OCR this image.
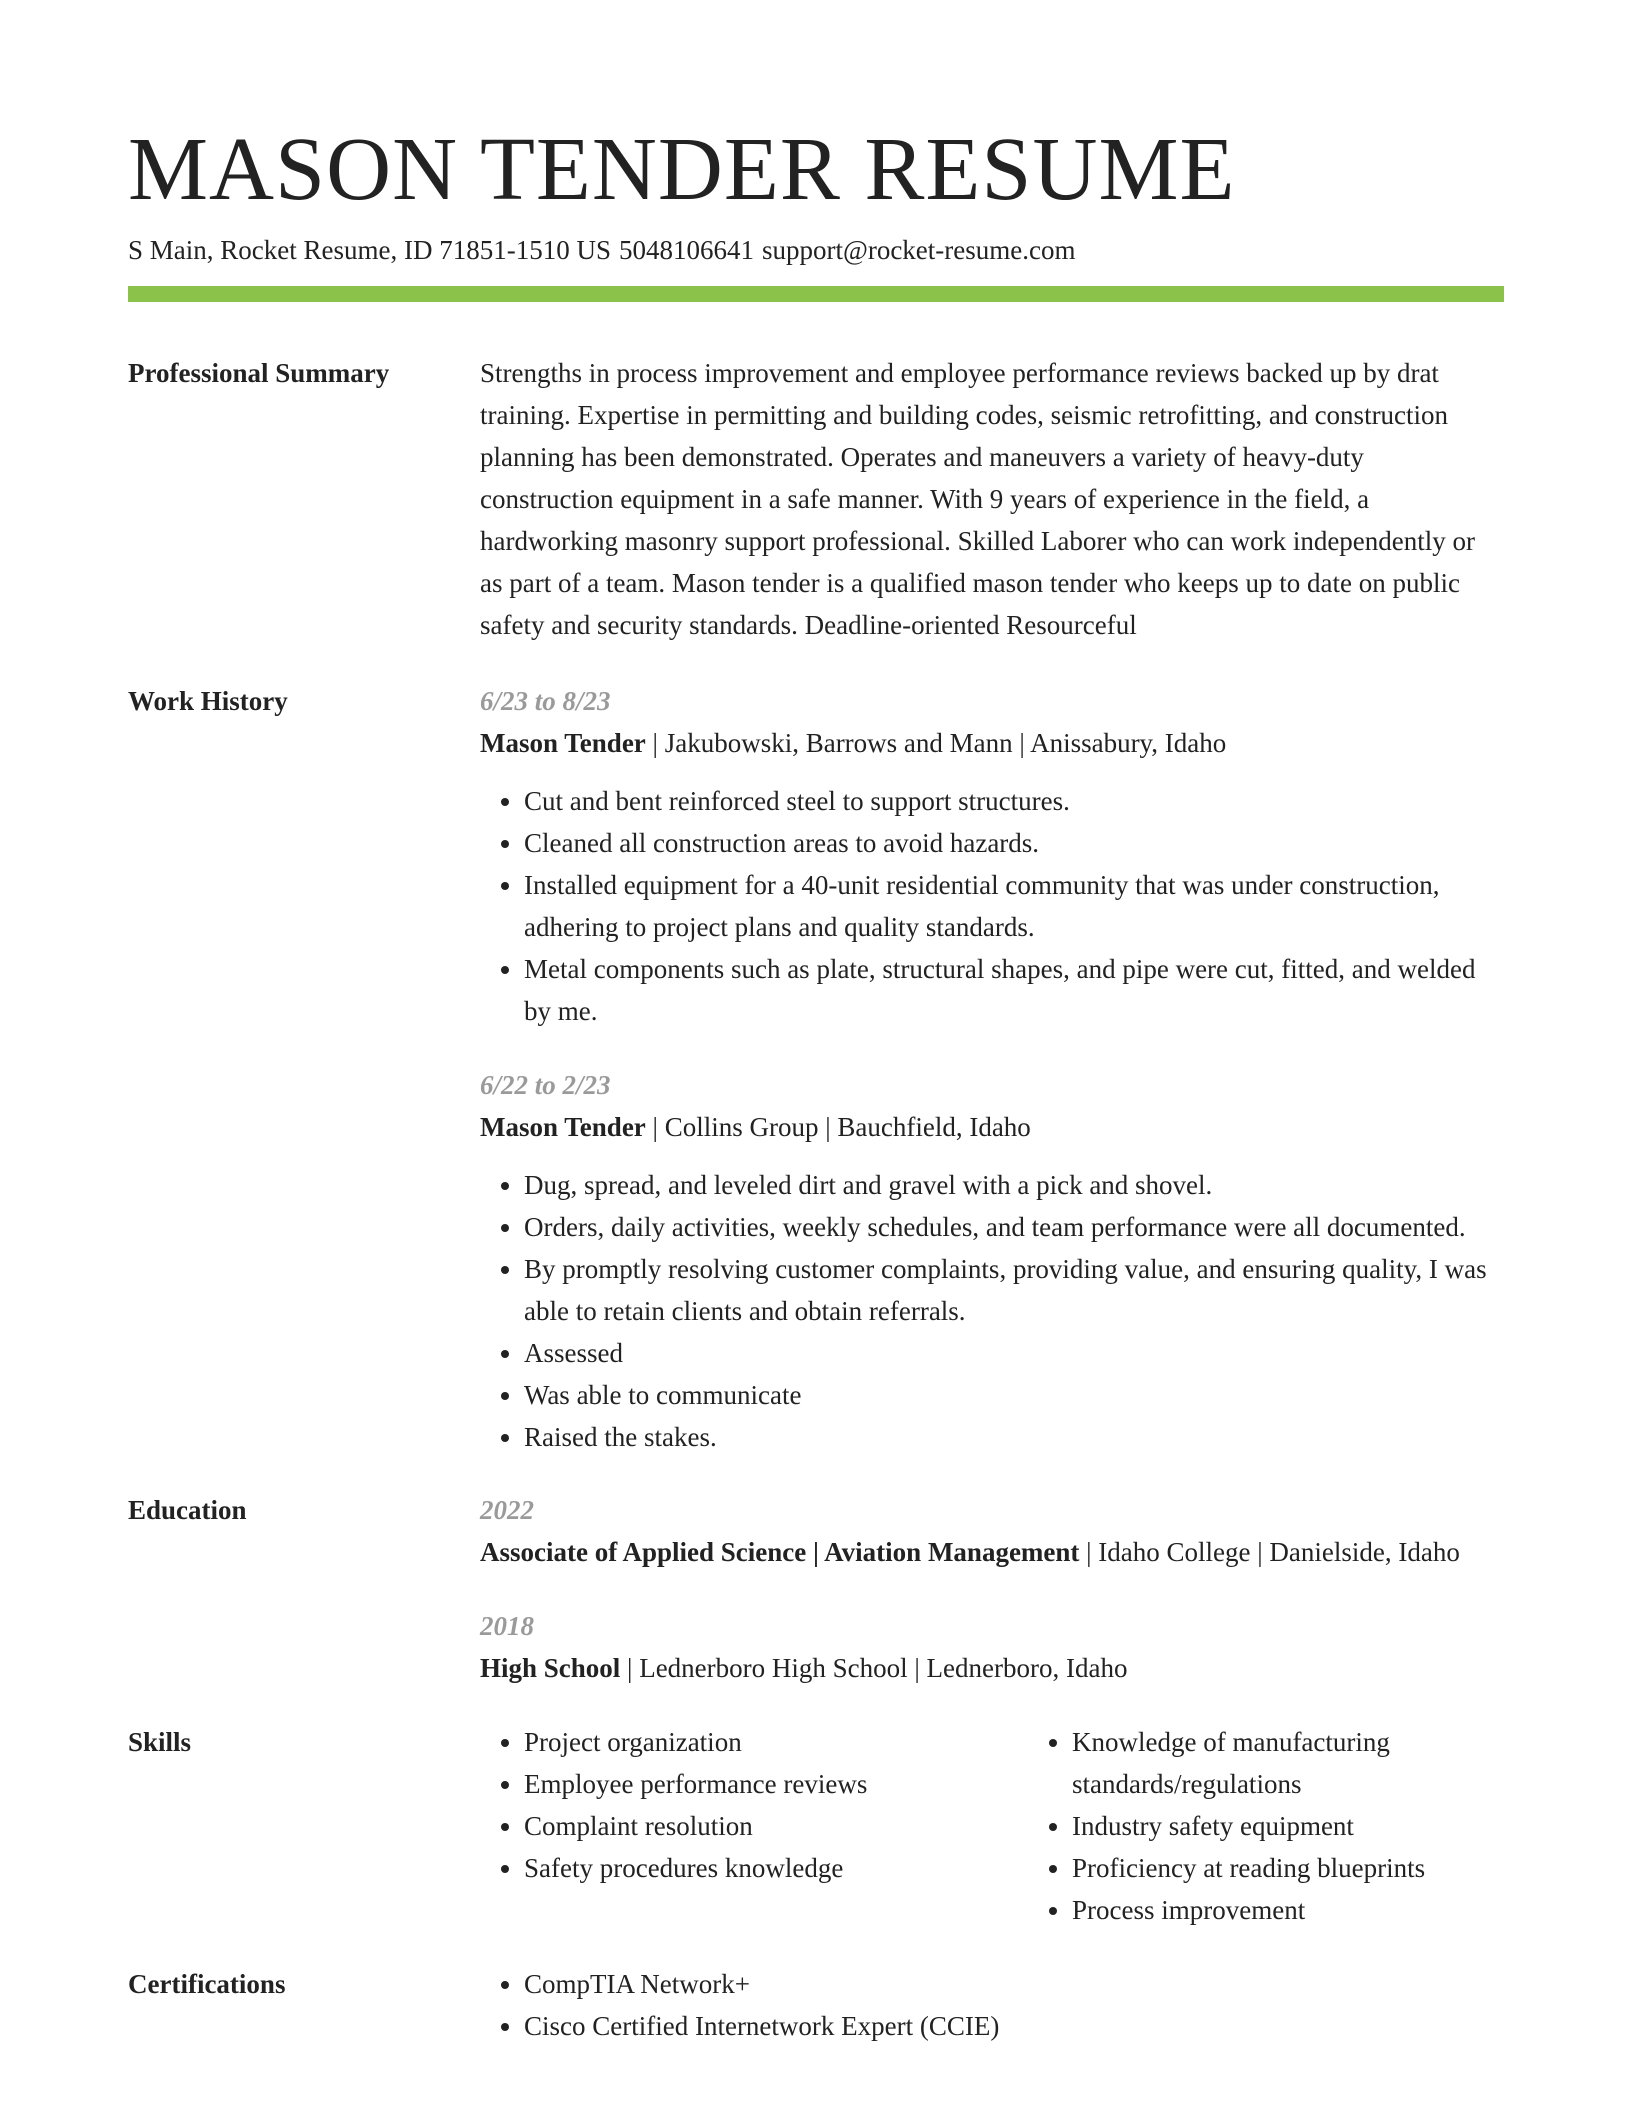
MASON TENDER RESUME
S Main, Rocket Resume, ID 71851-1510 US 5048106641 support@rocket-resume.com
Professional Summary	Strengths in process improvement and employee performance reviews backed up by drat training. Expertise in permitting and building codes, seismic retrofitting, and construction planning has been demonstrated. Operates and maneuvers a variety of heavy-duty construction equipment in a safe manner. With 9 years of experience in the field, a hardworking masonry support professional. Skilled Laborer who can work independently or as part of a team. Mason tender is a qualified mason tender who keeps up to date on public safety and security standards. Deadline-oriented Resourceful
Work History	6/23 to 8/23
Mason Tender | Jakubowski, Barrows and Mann | Anissabury, Idaho
• Cut and bent reinforced steel to support structures.
• Cleaned all construction areas to avoid hazards.
• Installed equipment for a 40-unit residential community that was under construction, adhering to project plans and quality standards.
• Metal components such as plate, structural shapes, and pipe were cut, fitted, and welded by me.
6/22 to 2/23
Mason Tender | Collins Group | Bauchfield, Idaho
• Dug, spread, and leveled dirt and gravel with a pick and shovel.
• Orders, daily activities, weekly schedules, and team performance were all documented.
• By promptly resolving customer complaints, providing value, and ensuring quality, I was able to retain clients and obtain referrals.
• Assessed
• Was able to communicate
• Raised the stakes.
Education	2022
Associate of Applied Science | Aviation Management | Idaho College | Danielside, Idaho
2018
High School | Lednerboro High School | Lednerboro, Idaho
Skills	• Project organization
• Employee performance reviews
• Complaint resolution
• Safety procedures knowledge
• Knowledge of manufacturing standards/regulations
• Industry safety equipment
• Proficiency at reading blueprints
• Process improvement
Certifications	• CompTIA Network+
• Cisco Certified Internetwork Expert (CCIE)
